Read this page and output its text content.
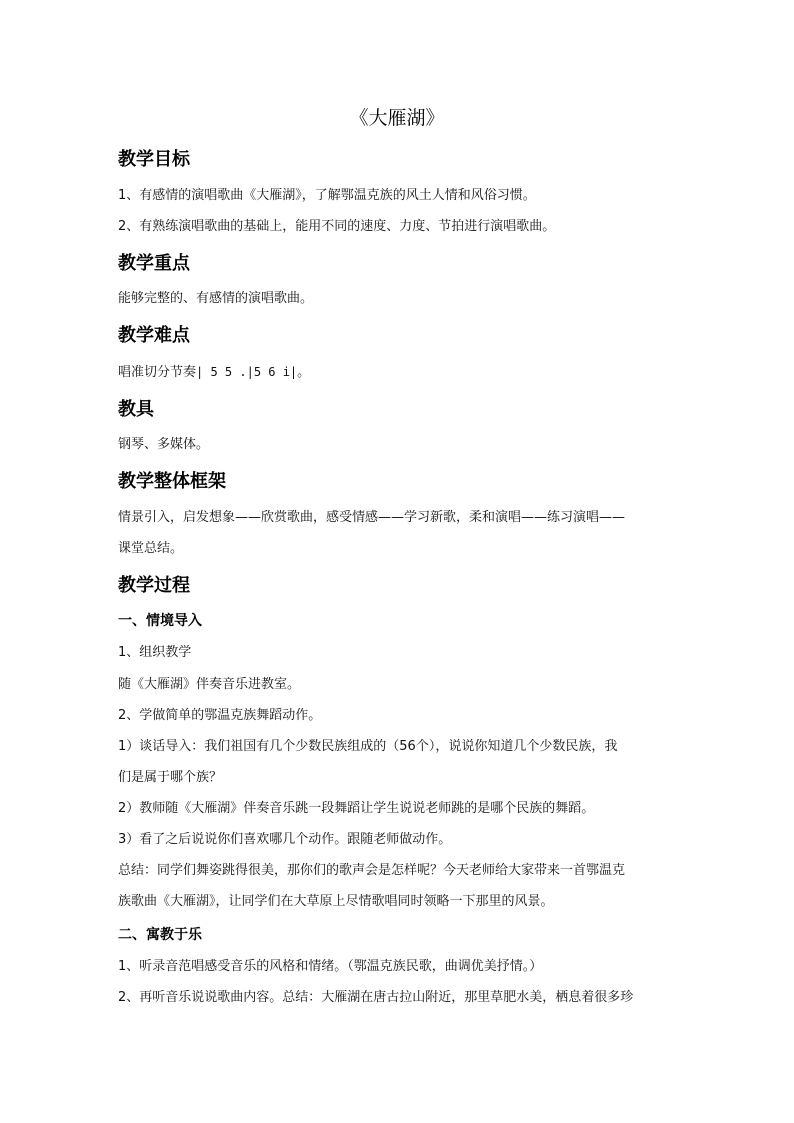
《大雁湖》
教学目标
1、有感情的演唱歌曲《大雁湖》，了解鄂温克族的风土人情和风俗习惯。
2、有熟练演唱歌曲的基础上，能用不同的速度、力度、节拍进行演唱歌曲。
教学重点
能够完整的、有感情的演唱歌曲。
教学难点
唱准切分节奏| 5 5 .|5 6 i|。
教具
钢琴、多媒体。
教学整体框架
情景引入，启发想象——欣赏歌曲，感受情感——学习新歌，柔和演唱——练习演唱——
课堂总结。
教学过程
一、情境导入
1、组织教学
随《大雁湖》伴奏音乐进教室。
2、学做简单的鄂温克族舞蹈动作。
1）谈话导入：我们祖国有几个少数民族组成的（56个），说说你知道几个少数民族，我
们是属于哪个族？
2）教师随《大雁湖》伴奏音乐跳一段舞蹈让学生说说老师跳的是哪个民族的舞蹈。
3）看了之后说说你们喜欢哪几个动作。跟随老师做动作。
总结：同学们舞姿跳得很美，那你们的歌声会是怎样呢？今天老师给大家带来一首鄂温克
族歌曲《大雁湖》，让同学们在大草原上尽情歌唱同时领略一下那里的风景。
二、寓教于乐
1、听录音范唱感受音乐的风格和情绪。（鄂温克族民歌，曲调优美抒情。）
2、再听音乐说说歌曲内容。总结：大雁湖在唐古拉山附近，那里草肥水美，栖息着很多珍
